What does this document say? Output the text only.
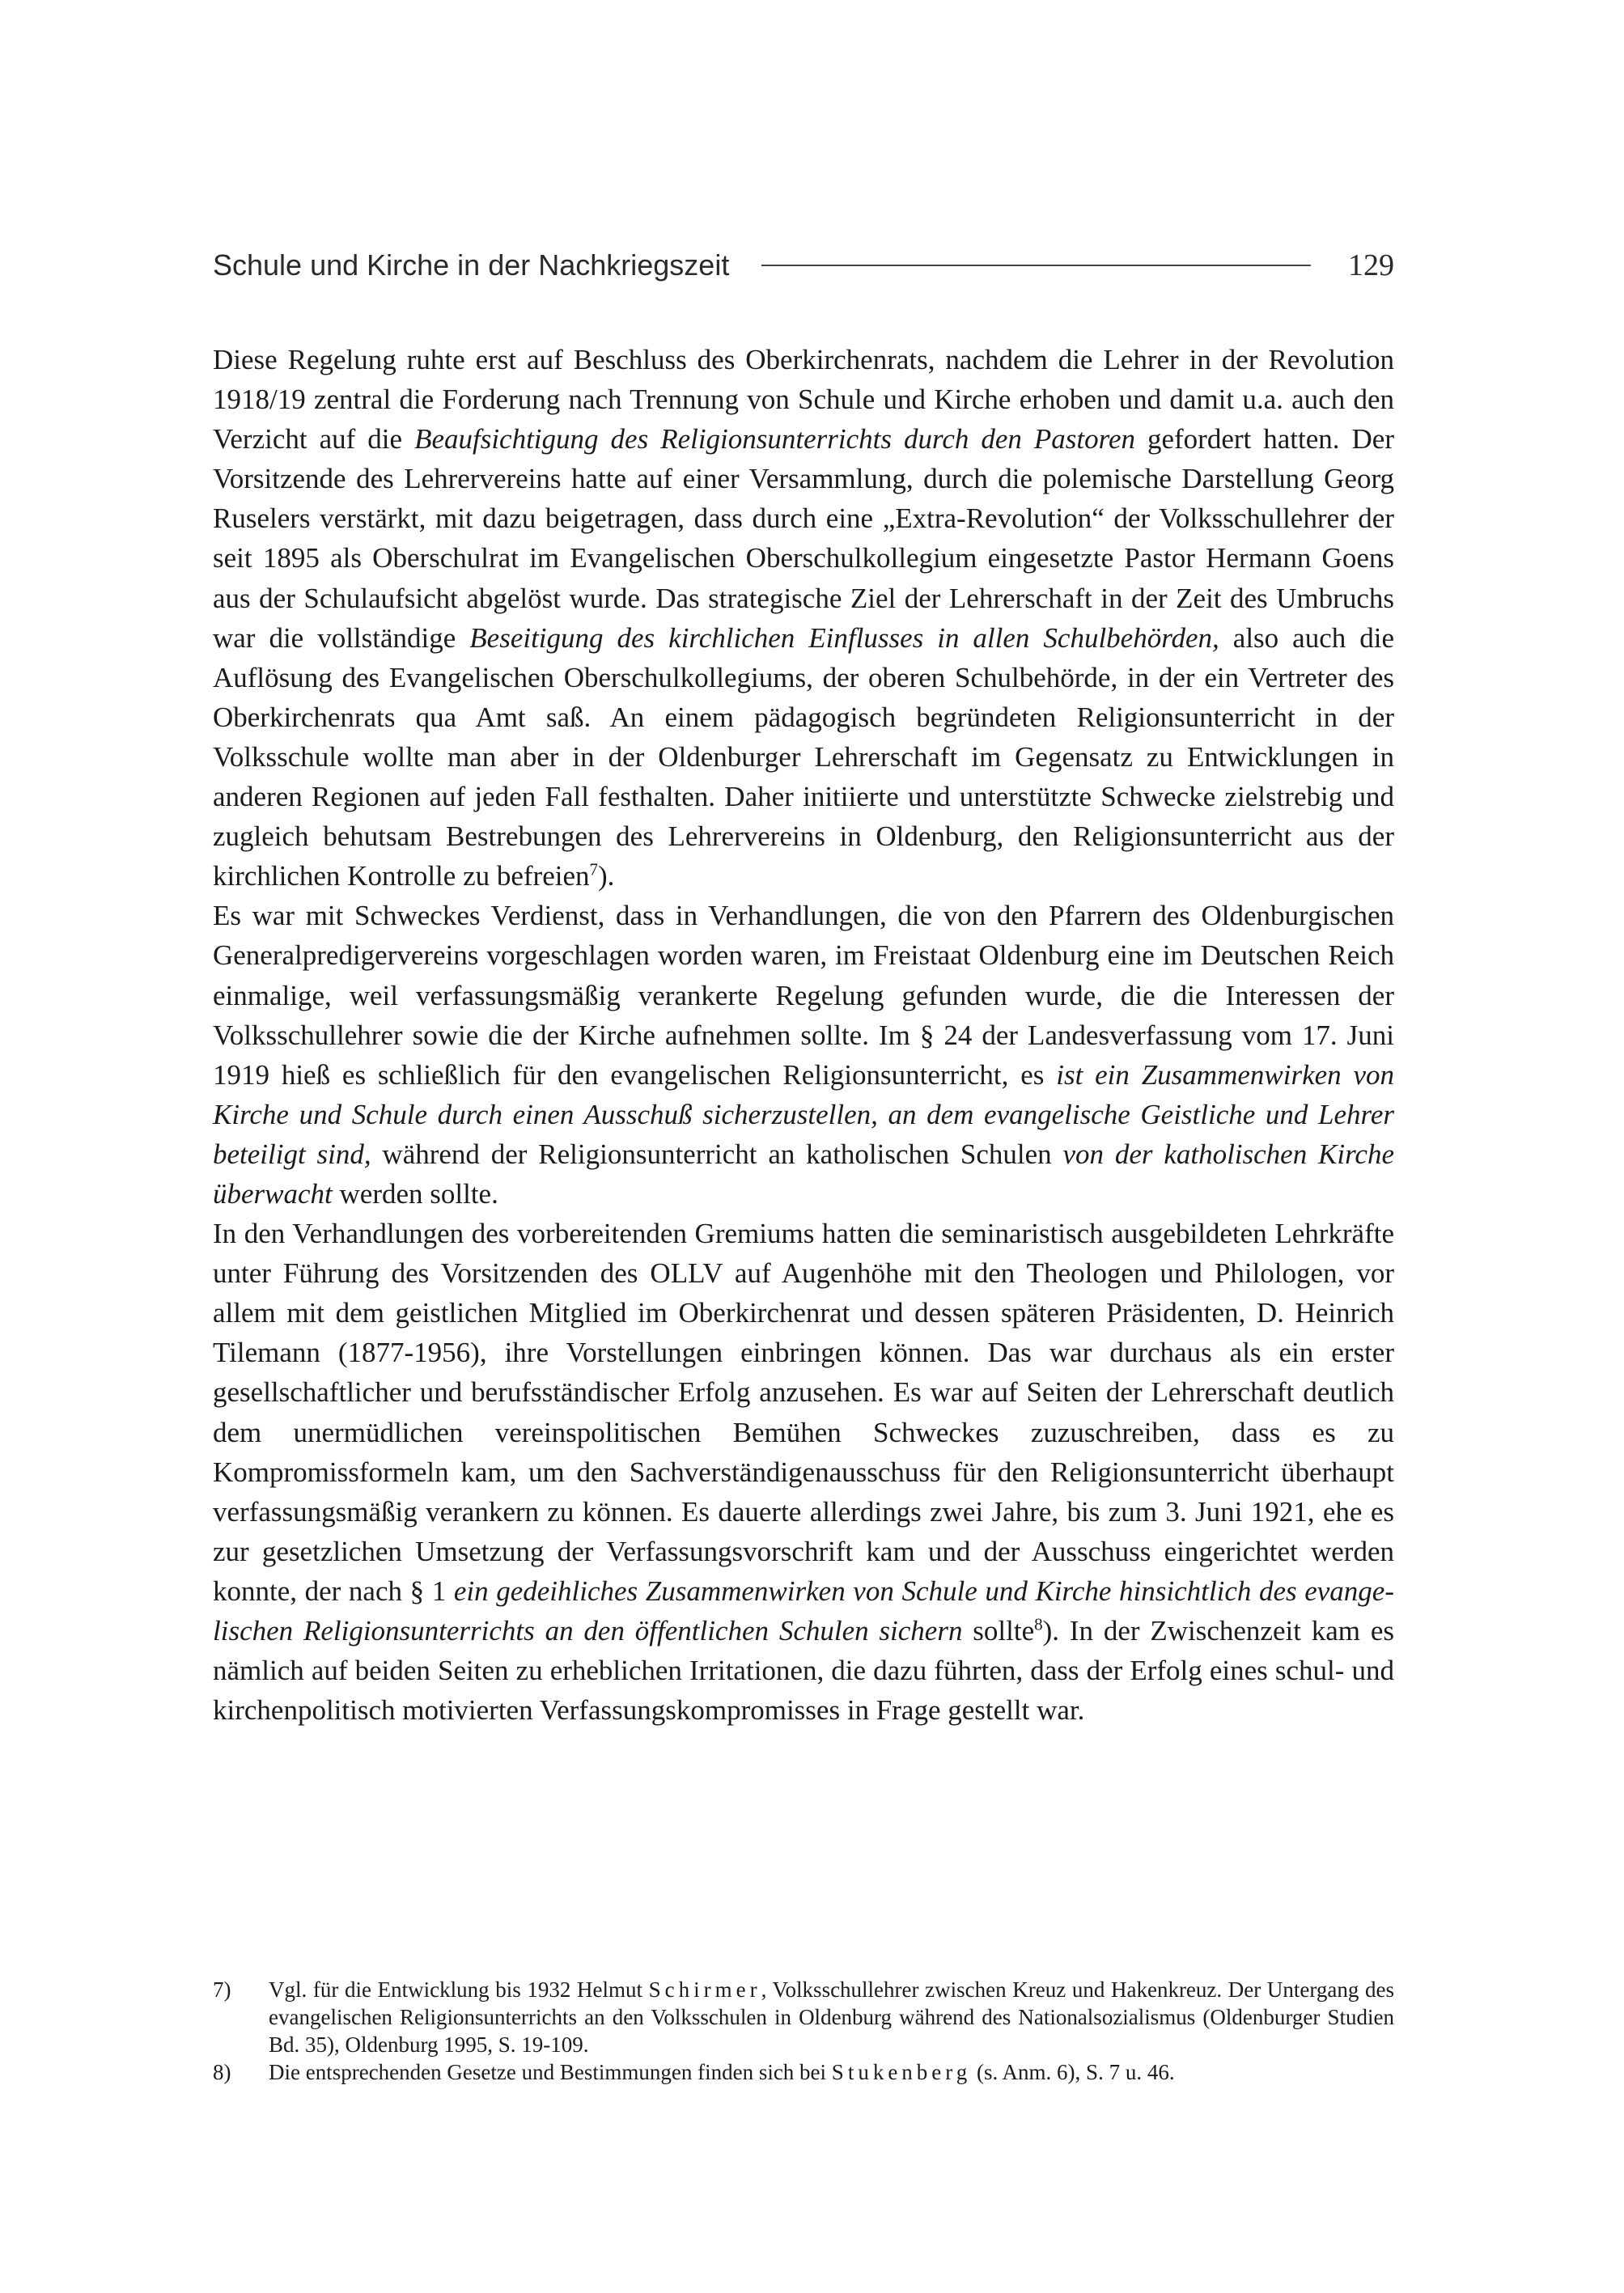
Schule und Kirche in der Nachkriegszeit	129

Diese Regelung ruhte erst auf Beschluss des Oberkirchenrats, nachdem die Lehrer in der Revolution 1918/19 zentral die Forderung nach Trennung von Schule und Kirche erhoben und damit u.a. auch den Verzicht auf die Beaufsichtigung des Religionsunterrichts durch den Pastoren gefordert hatten. Der Vorsitzende des Lehrervereins hatte auf einer Versammlung, durch die polemische Darstellung Georg Ruselers verstärkt, mit dazu beigetragen, dass durch eine „Extra-Revolution“ der Volksschullehrer der seit 1895 als Oberschulrat im Evangelischen Oberschulkollegium eingesetzte Pastor Hermann Goens aus der Schulaufsicht abgelöst wurde. Das strategische Ziel der Lehrerschaft in der Zeit des Umbruchs war die vollständige Beseitigung des kirchlichen Einflusses in allen Schulbehörden, also auch die Auflösung des Evangelischen Oberschulkollegiums, der oberen Schulbehörde, in der ein Vertreter des Oberkirchenrats qua Amt saß. An einem pädagogisch begründeten Religionsunterricht in der Volksschule wollte man aber in der Oldenburger Lehrerschaft im Gegensatz zu Entwicklungen in anderen Regionen auf jeden Fall festhalten. Daher initiierte und unterstützte Schwecke zielstrebig und zugleich behutsam Bestrebungen des Lehrervereins in Oldenburg, den Religionsunterricht aus der kirchlichen Kontrolle zu befreien$^7$).

Es war mit Schweckes Verdienst, dass in Verhandlungen, die von den Pfarrern des Oldenburgischen Generalpredigervereins vorgeschlagen worden waren, im Freistaat Oldenburg eine im Deutschen Reich einmalige, weil verfassungsmäßig verankerte Regelung gefunden wurde, die die Interessen der Volksschullehrer sowie die der Kirche aufnehmen sollte. Im § 24 der Landesverfassung vom 17. Juni 1919 hieß es schließlich für den evangelischen Religionsunterricht, es ist ein Zusammenwirken von Kirche und Schule durch einen Ausschuß sicherzustellen, an dem evangelische Geistliche und Lehrer beteiligt sind, während der Religionsunterricht an katholischen Schulen von der katholischen Kirche überwacht werden sollte.

In den Verhandlungen des vorbereitenden Gremiums hatten die seminaristisch ausgebildeten Lehrkräfte unter Führung des Vorsitzenden des OLLV auf Augenhöhe mit den Theologen und Philologen, vor allem mit dem geistlichen Mitglied im Oberkirchenrat und dessen späteren Präsidenten, D. Heinrich Tilemann (1877-1956), ihre Vorstellungen einbringen können. Das war durchaus als ein erster gesellschaftlicher und berufsständischer Erfolg anzusehen. Es war auf Seiten der Lehrerschaft deutlich dem unermüdlichen vereinspolitischen Bemühen Schweckes zuzuschreiben, dass es zu Kompromissformeln kam, um den Sachverständigenausschuss für den Religionsunterricht überhaupt verfassungsmäßig verankern zu können. Es dauerte allerdings zwei Jahre, bis zum 3. Juni 1921, ehe es zur gesetzlichen Umsetzung der Verfassungsvorschrift kam und der Ausschuss eingerichtet werden konnte, der nach § 1 ein gedeihliches Zusammenwirken von Schule und Kirche hinsichtlich des evangelischen Religionsunterrichts an den öffentlichen Schulen sichern sollte$^8$). In der Zwischenzeit kam es nämlich auf beiden Seiten zu erheblichen Irritationen, die dazu führten, dass der Erfolg eines schul- und kirchenpolitisch motivierten Verfassungskompromisses in Frage gestellt war.

7)	Vgl. für die Entwicklung bis 1932 Helmut Schirmer, Volksschullehrer zwischen Kreuz und Hakenkreuz. Der Untergang des evangelischen Religionsunterrichts an den Volksschulen in Oldenburg während des Nationalsozialismus (Oldenburger Studien Bd. 35), Oldenburg 1995, S. 19-109.
8)	Die entsprechenden Gesetze und Bestimmungen finden sich bei Stukenberg (s. Anm. 6), S. 7 u. 46.
